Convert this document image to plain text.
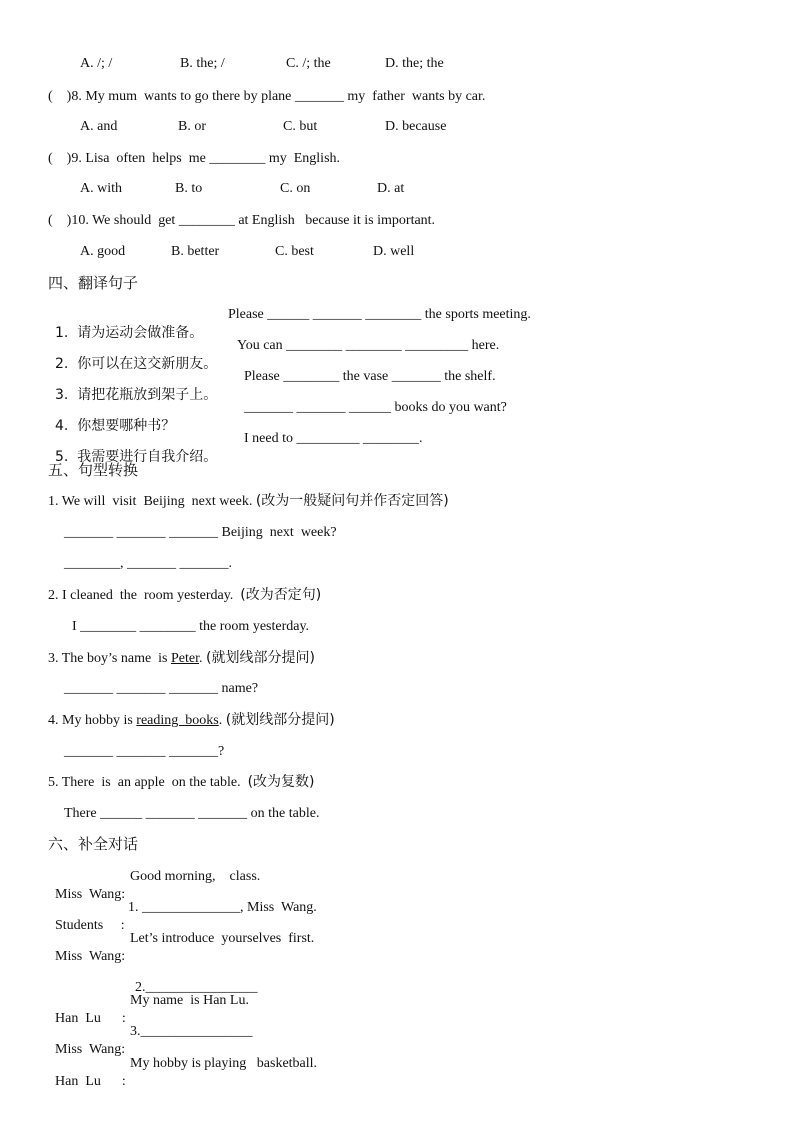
A. /; /	B. the; /	C. /; the	D. the; the
(    )8. My mum  wants to go there by plane _______ my  father  wants by car.
A. and	B. or	C. but	D. because
(    )9. Lisa  often  helps  me ________ my  English.
A. with	B. to	C. on	D. at
(    )10. We should  get ________ at English   because it is important.
A. good	B. better	C. best	D. well
四、翻译句子

1.  请为运动会做准备。

Please ______ _______ ________ the sports meeting.

2.  你可以在这交新朋友。

You can ________ ________ _________ here.

3.  请把花瓶放到架子上。

Please ________ the vase _______ the shelf.

4.  你想要哪种书？

_______ _______ ______ books do you want?

5.  我需要进行自我介绍。

I need to _________ ________.

五、句型转换
1. We will  visit  Beijing  next week. (改为一般疑问句并作否定回答)
_______ _______ _______ Beijing  next  week?
________, _______ _______.
2. I cleaned  the  room yesterday.  (改为否定句)
I ________ ________ the room yesterday.
3. The boy’s name  is Peter. (就划线部分提问)
_______ _______ _______ name?
4. My hobby is reading  books. (就划线部分提问)
_______ _______ _______?
5. There  is  an apple  on the table.  (改为复数)
There ______ _______ _______ on the table.
六、补全对话

Miss  Wang:

Good morning,    class.

Students     :

1. ______________, Miss  Wang.

Miss  Wang:

Let’s introduce  yourselves  first.

2.________________

Han  Lu      :

My name  is Han Lu.

Miss  Wang:

3.________________

Han  Lu      :

My hobby is playing   basketball.
